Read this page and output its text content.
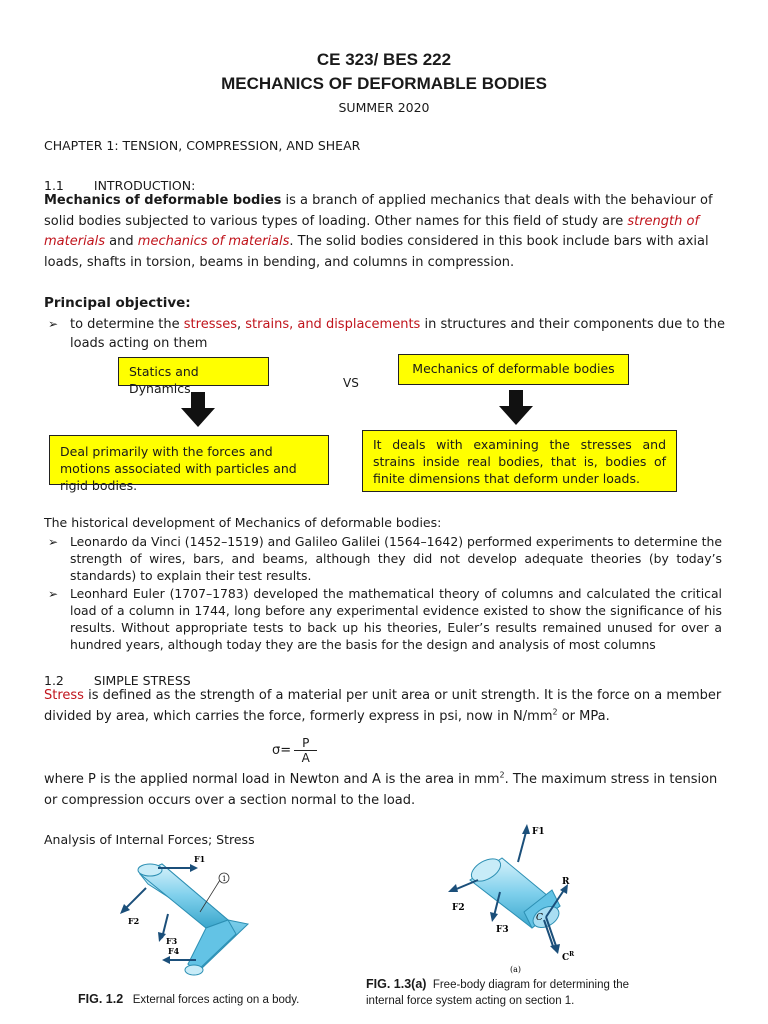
CE 323/ BES 222
MECHANICS OF DEFORMABLE BODIES
SUMMER 2020
CHAPTER 1: TENSION, COMPRESSION, AND SHEAR
1.1 INTRODUCTION:
Mechanics of deformable bodies is a branch of applied mechanics that deals with the behaviour of solid bodies subjected to various types of loading. Other names for this field of study are strength of materials and mechanics of materials. The solid bodies considered in this book include bars with axial loads, shafts in torsion, beams in bending, and columns in compression.
Principal objective:
➢ to determine the stresses, strains, and displacements in structures and their components due to the loads acting on them
Statics and Dynamics	VS
Mechanics of deformable bodies
Deal primarily with the forces and motions associated with particles and rigid bodies.
It deals with examining the stresses and strains inside real bodies, that is, bodies of finite dimensions that deform under loads.
The historical development of Mechanics of deformable bodies:
➢ Leonardo da Vinci (1452–1519) and Galileo Galilei (1564–1642) performed experiments to determine the strength of wires, bars, and beams, although they did not develop adequate theories (by today’s standards) to explain their test results.
➢ Leonhard Euler (1707–1783) developed the mathematical theory of columns and calculated the critical load of a column in 1744, long before any experimental evidence existed to show the significance of his results. Without appropriate tests to back up his theories, Euler’s results remained unused for over a hundred years, although today they are the basis for the design and analysis of most columns
1.2 SIMPLE STRESS
Stress is defined as the strength of a material per unit area or unit strength. It is the force on a member divided by area, which carries the force, formerly express in psi, now in $N/mm^2$ or MPa.
$\sigma= \frac{P}{A}$
where P is the applied normal load in Newton and A is the area in $mm^2$. The maximum stress in tension or compression occurs over a section normal to the load.
Analysis of Internal Forces; Stress
1
F1
F2
F3
F4
FIG. 1.2 External forces acting on a body.
F1
F2
F3
R
C
$C^R$
(a)
FIG. 1.3(a) Free-body diagram for determining the internal force system acting on section 1.
